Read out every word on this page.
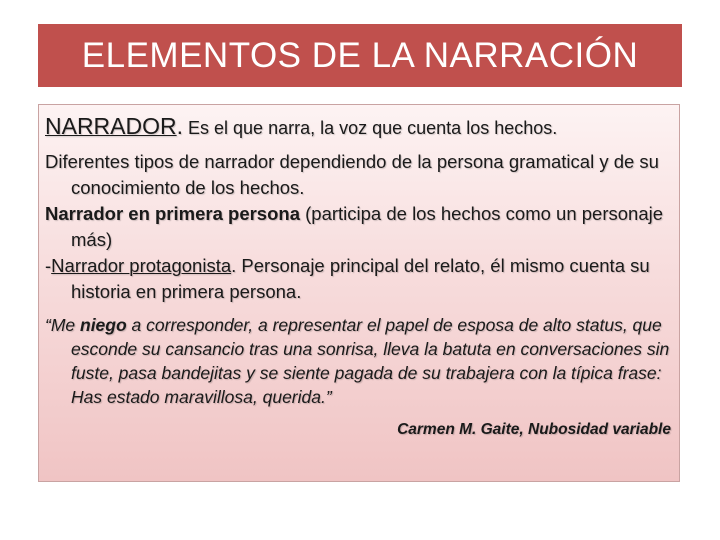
ELEMENTOS DE LA NARRACIÓN

NARRADOR. Es el que narra, la voz que cuenta los hechos.

Diferentes tipos de narrador dependiendo de la persona gramatical y de su conocimiento de los hechos.

Narrador en primera persona (participa de los hechos como un personaje más)

-Narrador protagonista. Personaje principal del relato, él mismo cuenta su historia en primera persona.

“Me niego a corresponder, a representar el papel de esposa de alto status, que esconde su cansancio tras una sonrisa, lleva la batuta en conversaciones sin fuste, pasa bandejitas y se siente pagada de su trabajera con la típica frase: Has estado maravillosa, querida.”

Carmen M. Gaite, Nubosidad variable
